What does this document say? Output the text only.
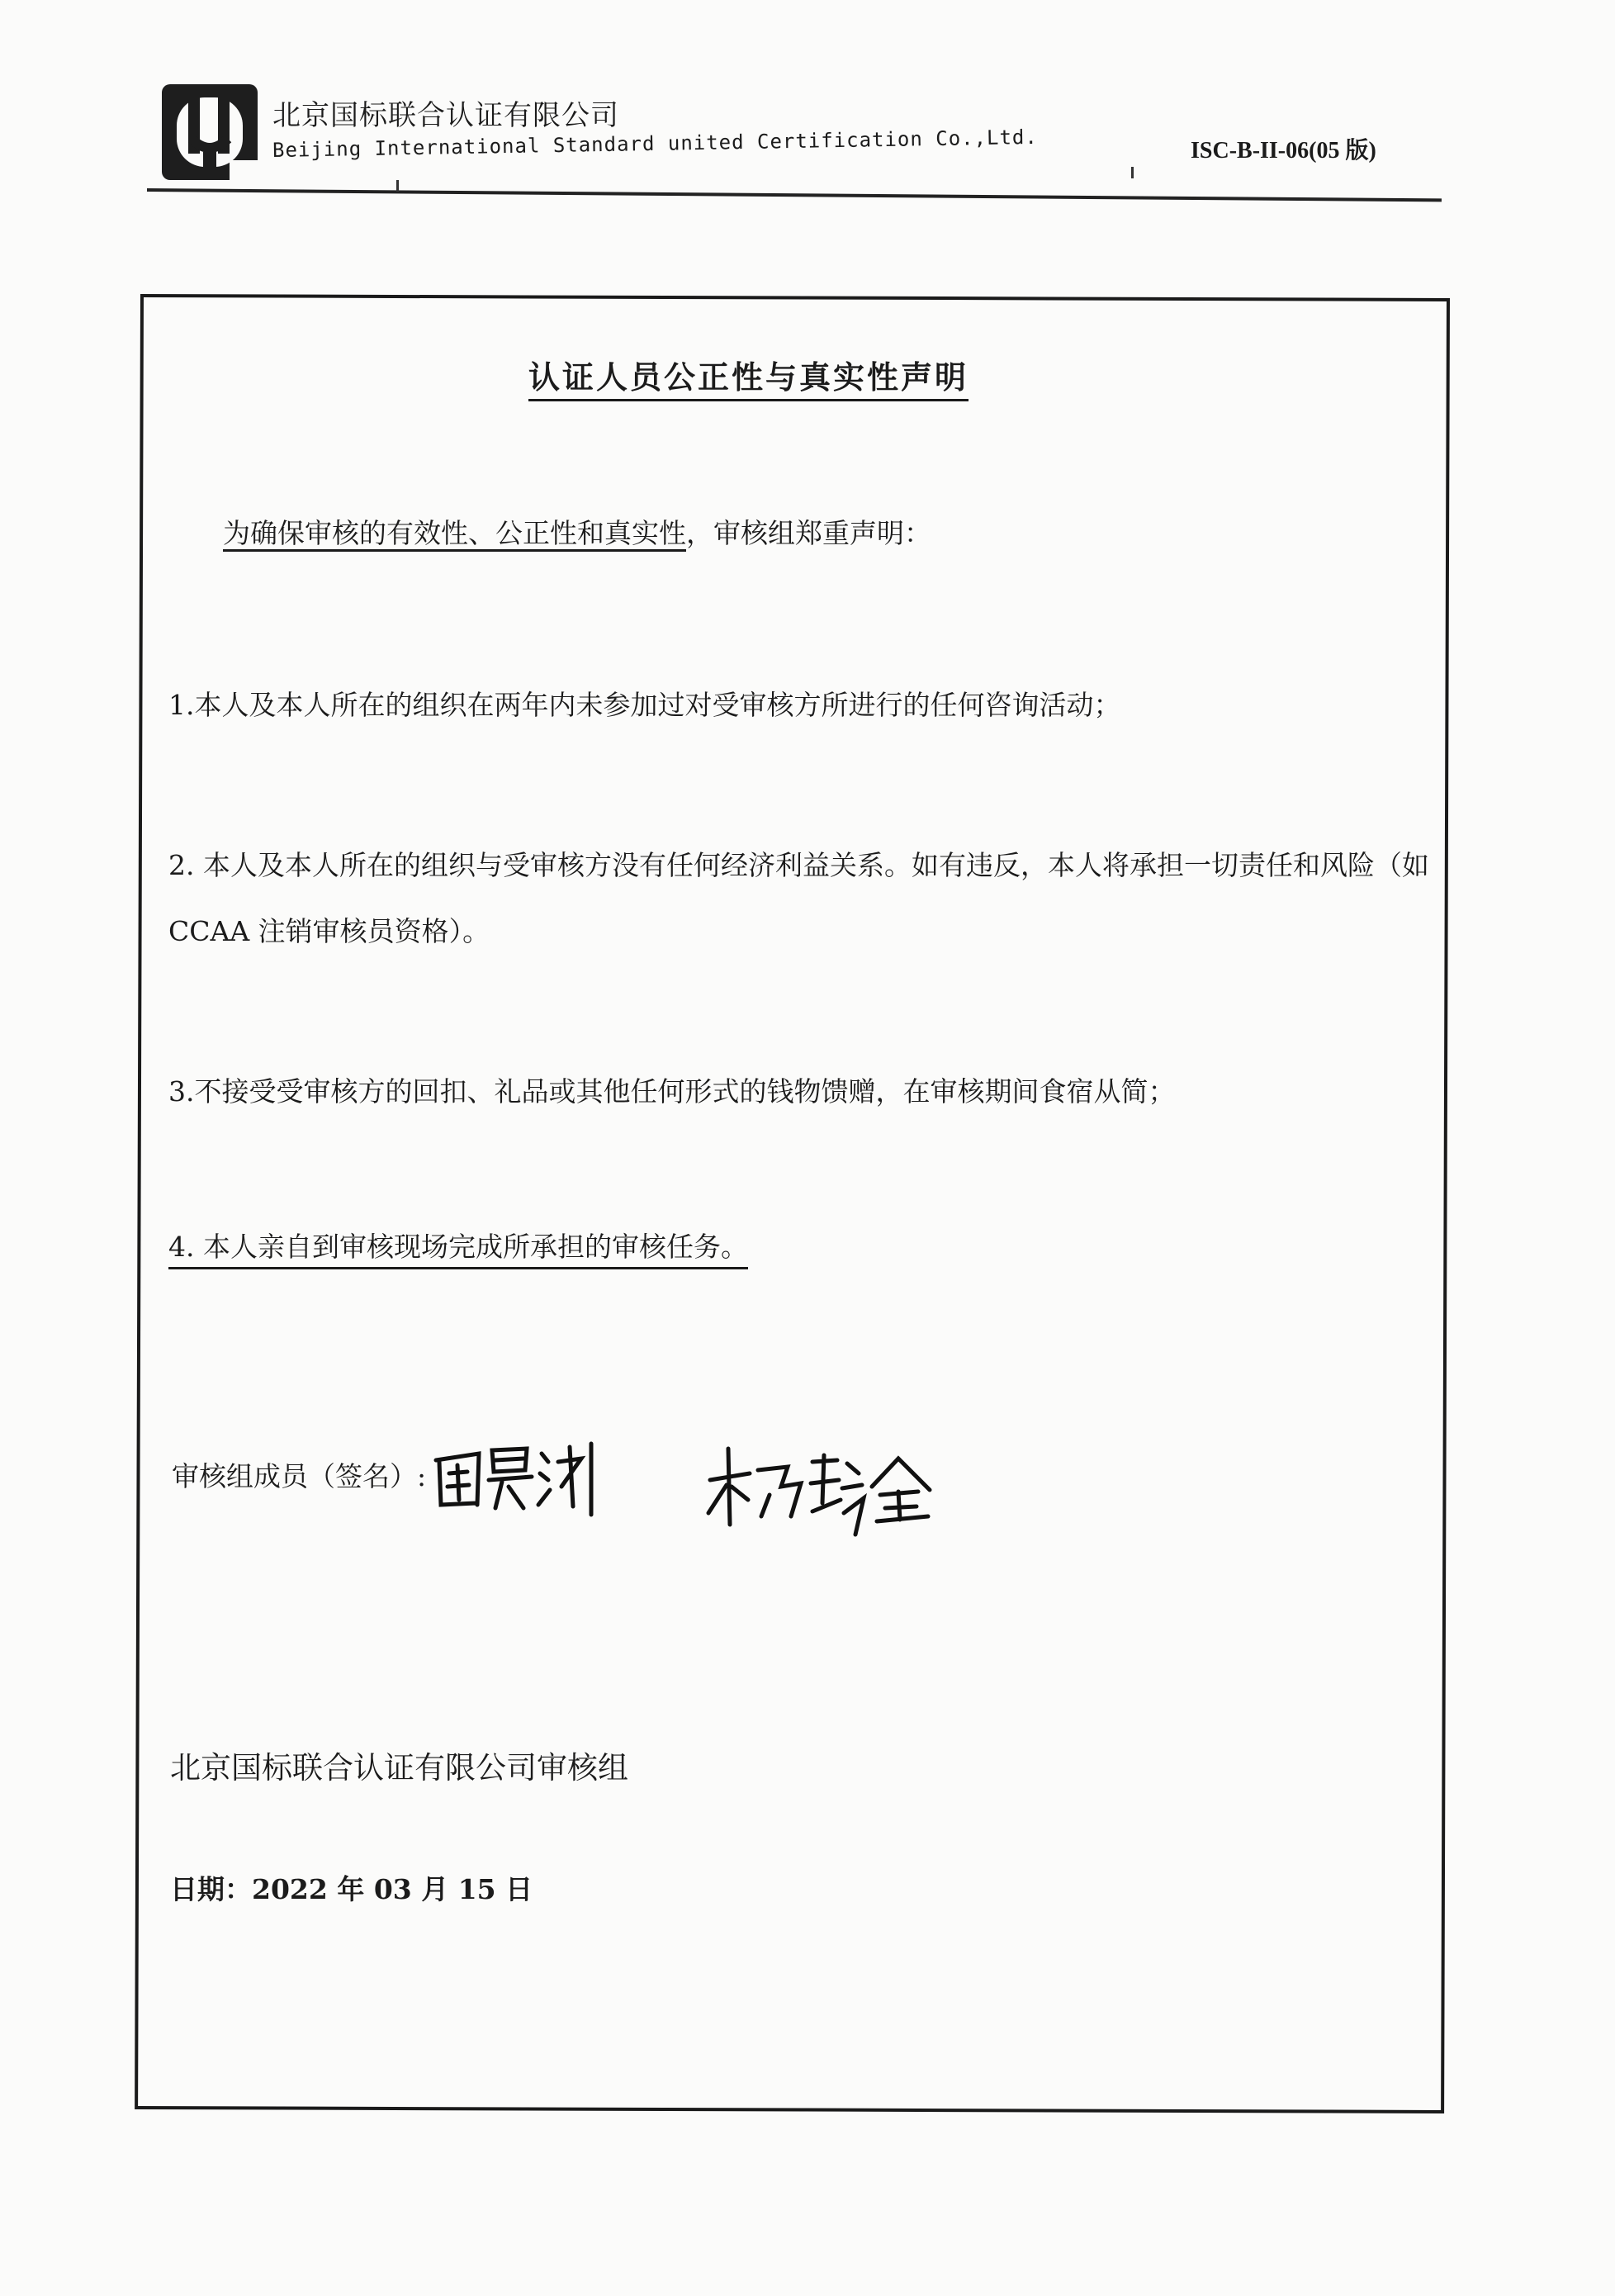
北京国标联合认证有限公司
Beijing International Standard united Certification Co.,Ltd.	ISC-B-II-06(05 版)
认证人员公正性与真实性声明
为确保审核的有效性、公正性和真实性，审核组郑重声明：
1.本人及本人所在的组织在两年内未参加过对受审核方所进行的任何咨询活动；
2. 本人及本人所在的组织与受审核方没有任何经济利益关系。如有违反，本人将承担一切责任和风险（如 CCAA 注销审核员资格）。
3.不接受受审核方的回扣、礼品或其他任何形式的钱物馈赠，在审核期间食宿从简；
4. 本人亲自到审核现场完成所承担的审核任务。
审核组成员（签名）:
北京国标联合认证有限公司审核组
日期：2022 年 03 月 15 日
